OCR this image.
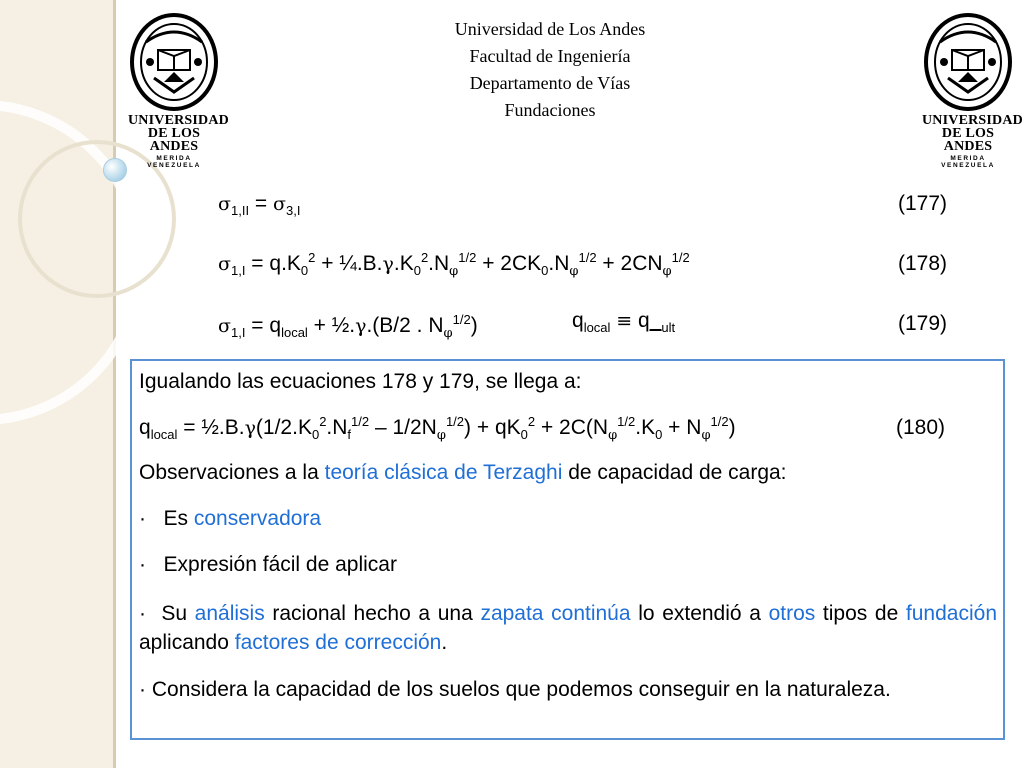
UNIVERSIDAD
DE LOS ANDES
MERIDA VENEZUELA
UNIVERSIDAD
DE LOS ANDES
MERIDA VENEZUELA
Universidad de Los Andes
Facultad de Ingeniería
Departamento de Vías
Fundaciones
$\sigma_{1,II} = \sigma_{3,I}$	(177)
$\sigma_{1,I} = q.K_0^2$ + $\frac{1}{4}.B.\gamma.K_0^2.N_\varphi^{1/2} + 2CK_0.N_\varphi^{1/2} + 2CN_\varphi^{1/2}$	(178)
$\sigma_{1,I} = q_{local}$ + ½.γ.(B/2 . $N_\varphi^{1/2}$)	$q_{local}$ ≡ $q\__{ult}$	(179)
Igualando las ecuaciones 178 y 179, se llega a:
$q_{local}$ = $\frac{1}{2}.B.\gamma(1/2.K_0^2.N_f^{1/2} - 1/2N_\varphi^{1/2}) + qK_0^2 + 2C(N_\varphi^{1/2}.K_0 + N_\varphi^{1/2})$	(180)
Observaciones a la teoría clásica de Terzaghi de capacidad de carga:
· Es conservadora
· Expresión fácil de aplicar
· Su análisis racional hecho a una zapata continúa lo extendió a otros tipos de fundación aplicando factores de corrección.
· Considera la capacidad de los suelos que podemos conseguir en la naturaleza.
